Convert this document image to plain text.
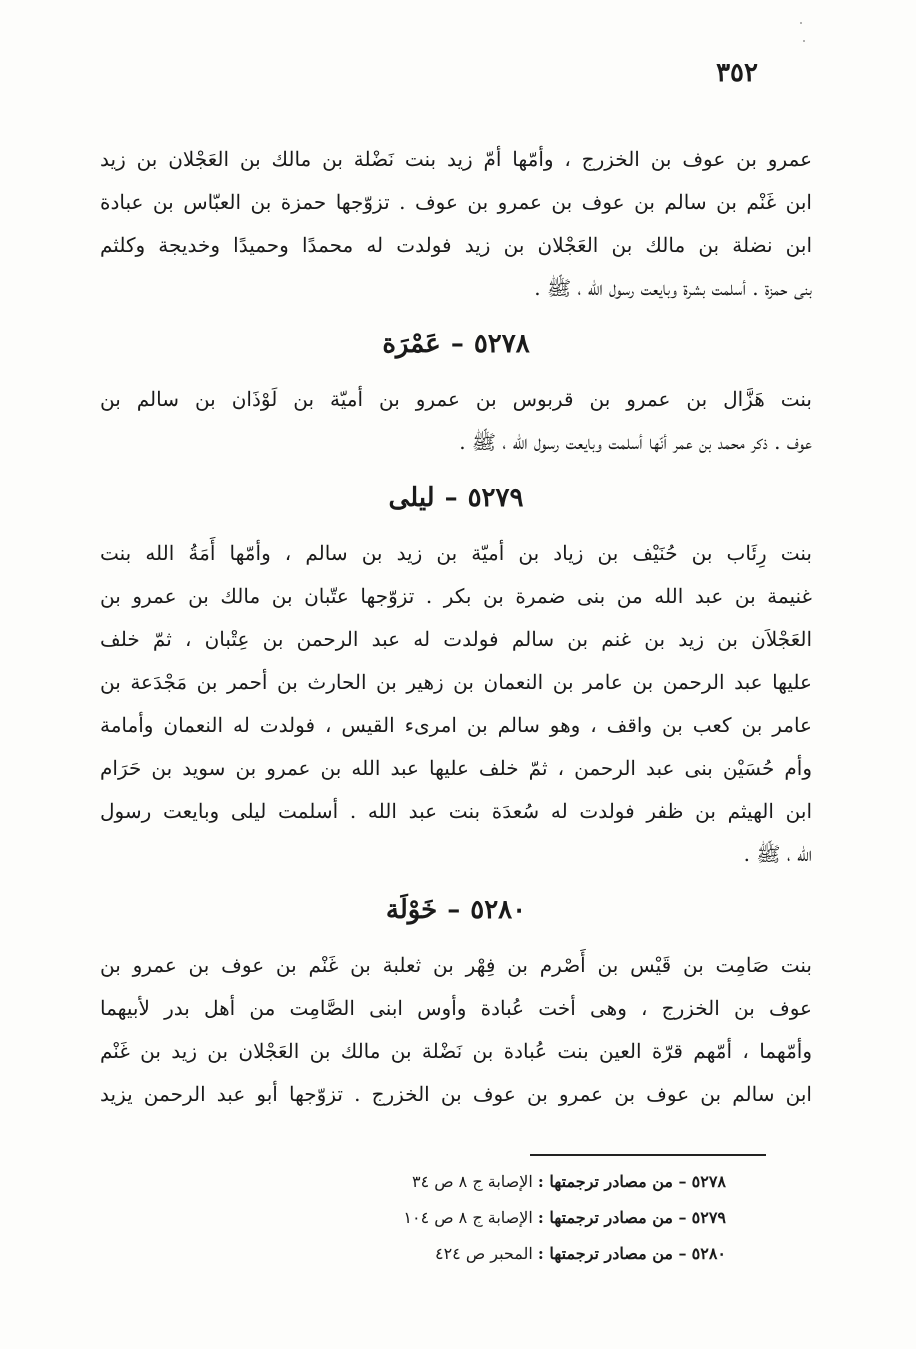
٣٥٢

عمرو بن عوف بن الخزرج ، وأمّها أمّ زيد بنت نَضْلة بن مالك بن العَجْلان بن زيد
ابن غَنْم بن سالم بن عوف بن عمرو بن عوف . تزوّجها حمزة بن العبّاس بن عبادة
ابن نضلة بن مالك بن العَجْلان بن زيد فولدت له محمدًا وحميدًا وخديجة وكلثم
بنى حمزة . أسلمت بشرة وبايعت رسول الله ، ﷺ .

٥٢٧٨–عَمْرَة

بنت هَزَّال بن عمرو بن قربوس بن عمرو بن أميّة بن لَوْذَان بن سالم بن
عوف . ذكر محمد بن عمر أنّها أسلمت وبايعت رسول الله ، ﷺ .

٥٢٧٩–ليلى

بنت رِئَاب بن حُنَيْف بن زياد بن أميّة بن زيد بن سالم ، وأمّها أَمَةُ الله بنت
غنيمة بن عبد الله من بنى ضمرة بن بكر . تزوّجها عتّبان بن مالك بن عمرو بن
العَجْلاَن بن زيد بن غنم بن سالم فولدت له عبد الرحمن بن عِتْبان ، ثمّ خلف
عليها عبد الرحمن بن عامر بن النعمان بن زهير بن الحارث بن أحمر بن مَجْدَعة بن
عامر بن كعب بن واقف ، وهو سالم بن امرىء القيس ، فولدت له النعمان وأمامة
وأم حُسَيْن بنى عبد الرحمن ، ثمّ خلف عليها عبد الله بن عمرو بن سويد بن حَرَام
ابن الهيثم بن ظفر فولدت له سُعدَة بنت عبد الله . أسلمت ليلى وبايعت رسول
الله ، ﷺ .

٥٢٨٠–خَوْلَة

بنت صَامِت بن قَيْس بن أَصْرم بن فِهْر بن ثعلبة بن غَنْم بن عوف بن عمرو بن
عوف بن الخزرج ، وهى أخت عُبادة وأوس ابنى الصَّامِت من أهل بدر لأبيهما
وأمّهما ، أمّهم قرّة العين بنت عُبادة بن نَضْلة بن مالك بن العَجْلان بن زيد بن غَنْم
ابن سالم بن عوف بن عمرو بن عوف بن الخزرج . تزوّجها أبو عبد الرحمن يزيد

٥٢٧٨ – من مصادر ترجمتها : الإصابة ج ٨ ص ٣٤
٥٢٧٩ – من مصادر ترجمتها : الإصابة ج ٨ ص ١٠٤
٥٢٨٠ – من مصادر ترجمتها : المحبر ص ٤٢٤
